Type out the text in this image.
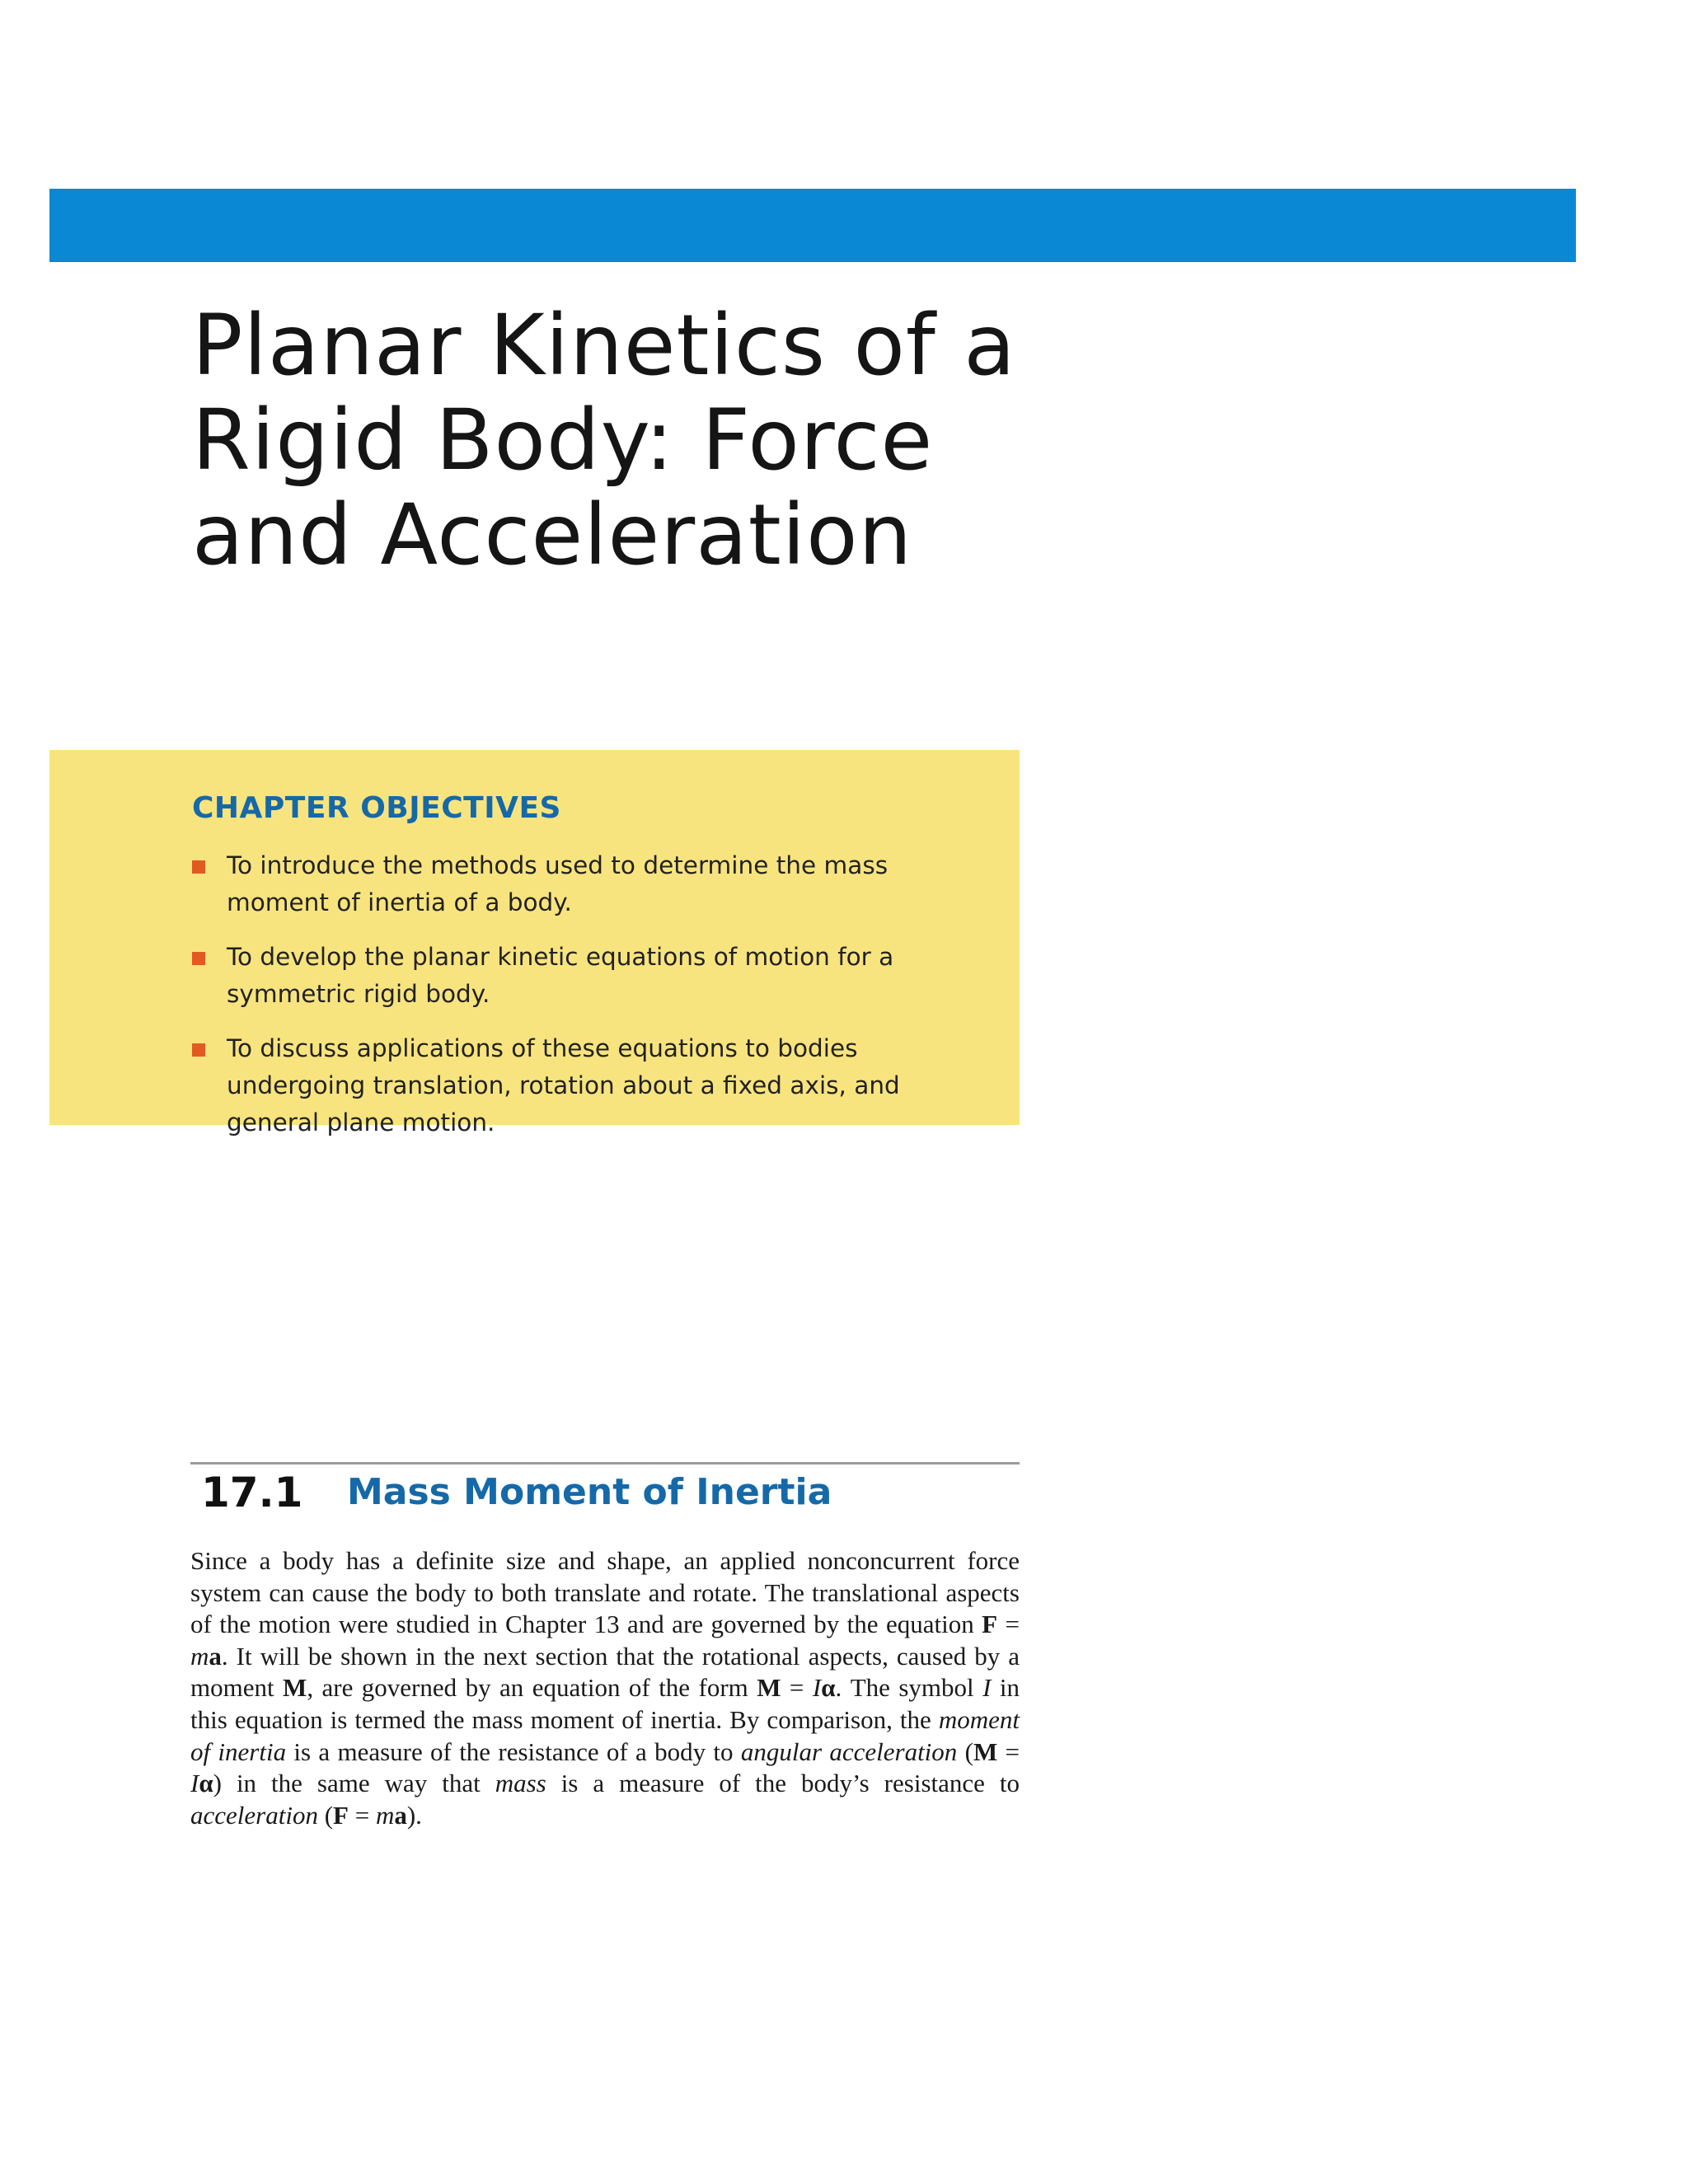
Planar Kinetics of a
Rigid Body: Force
and Acceleration
CHAPTER OBJECTIVES
To introduce the methods used to determine the mass moment of inertia of a body.
To develop the planar kinetic equations of motion for a symmetric rigid body.
To discuss applications of these equations to bodies undergoing translation, rotation about a fixed axis, and general plane motion.
17.1 Mass Moment of Inertia

Since a body has a definite size and shape, an applied nonconcurrent force system can cause the body to both translate and rotate. The translational aspects of the motion were studied in Chapter 13 and are governed by the equation F = ma. It will be shown in the next section that the rotational aspects, caused by a moment M, are governed by an equation of the form M = Iα. The symbol I in this equation is termed the mass moment of inertia. By comparison, the moment of inertia is a measure of the resistance of a body to angular acceleration (M = Iα) in the same way that mass is a measure of the body’s resistance to acceleration (F = ma).
